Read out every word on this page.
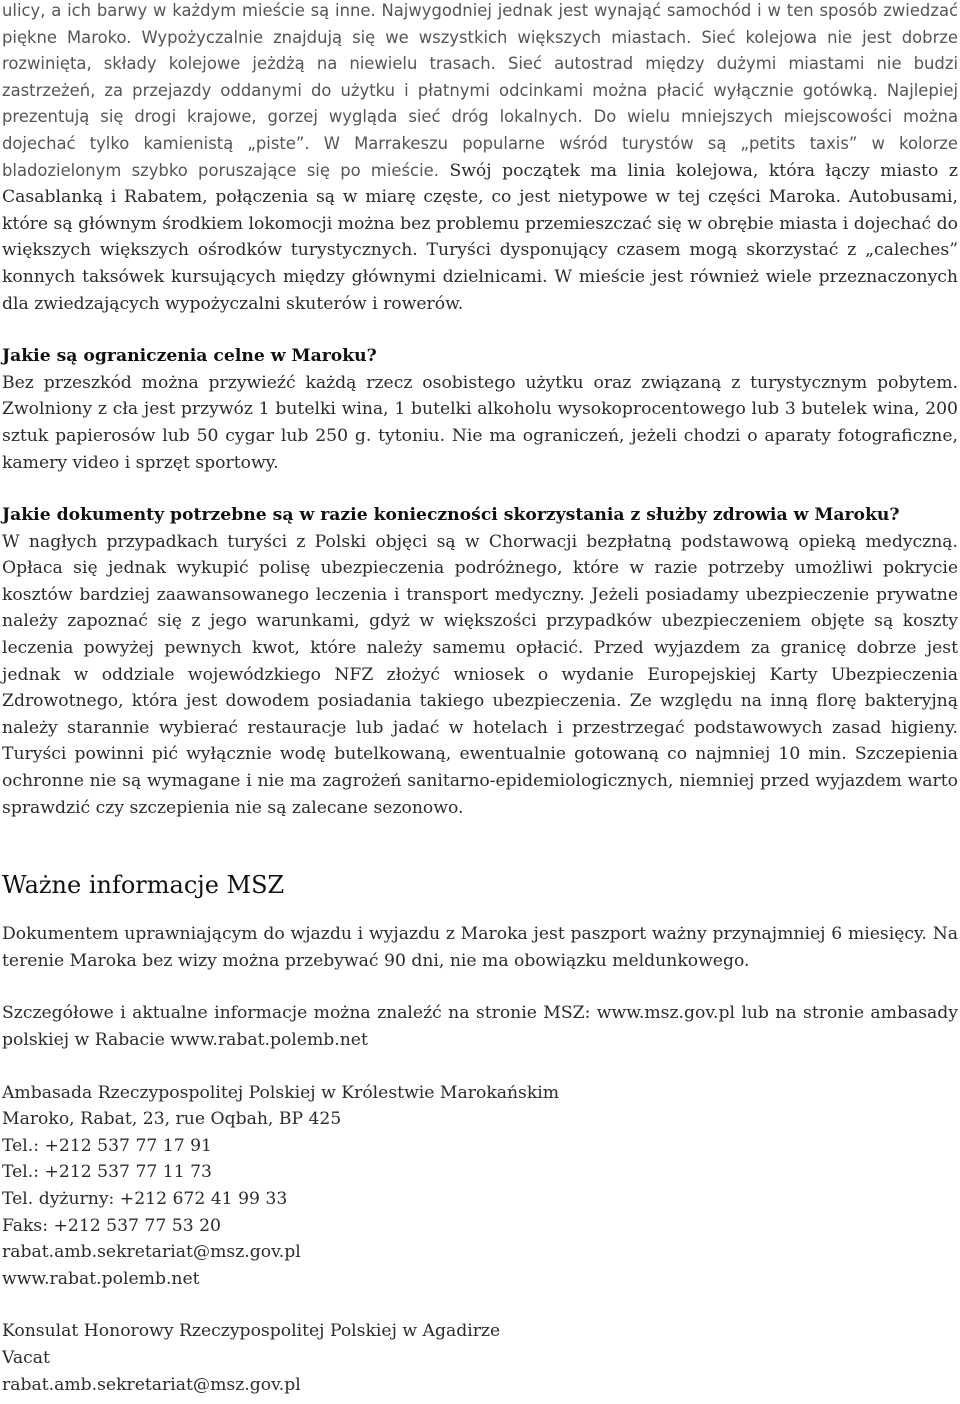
ulicy, a ich barwy w każdym mieście są inne. Najwygodniej jednak jest wynająć samochód i w ten sposób zwiedzać piękne Maroko. Wypożyczalnie znajdują się we wszystkich większych miastach. Sieć kolejowa nie jest dobrze rozwinięta, składy kolejowe jeżdżą na niewielu trasach. Sieć autostrad między dużymi miastami nie budzi zastrzeżeń, za przejazdy oddanymi do użytku i płatnymi odcinkami można płacić wyłącznie gotówką. Najlepiej prezentują się drogi krajowe, gorzej wygląda sieć dróg lokalnych. Do wielu mniejszych miejscowości można dojechać tylko kamienistą „piste”. W Marrakeszu popularne wśród turystów są „petits taxis” w kolorze bladozielonym szybko poruszające się po mieście. Swój początek ma linia kolejowa, która łączy miasto z Casablanką i Rabatem, połączenia są w miarę częste, co jest nietypowe w tej części Maroka. Autobusami, które są głównym środkiem lokomocji można bez problemu przemieszczać się w obrębie miasta i dojechać do większych większych ośrodków turystycznych. Turyści dysponujący czasem mogą skorzystać z „caleches” konnych taksówek kursujących między głównymi dzielnicami. W mieście jest również wiele przeznaczonych dla zwiedzających wypożyczalni skuterów i rowerów.

Jakie są ograniczenia celne w Maroku?

Bez przeszkód można przywieźć każdą rzecz osobistego użytku oraz związaną z turystycznym pobytem. Zwolniony z cła jest przywóz 1 butelki wina, 1 butelki alkoholu wysokoprocentowego lub 3 butelek wina, 200 sztuk papierosów lub 50 cygar lub 250 g. tytoniu. Nie ma ograniczeń, jeżeli chodzi o aparaty fotograficzne, kamery video i sprzęt sportowy.

Jakie dokumenty potrzebne są w razie konieczności skorzystania z służby zdrowia w Maroku?

W nagłych przypadkach turyści z Polski objęci są w Chorwacji bezpłatną podstawową opieką medyczną. Opłaca się jednak wykupić polisę ubezpieczenia podróżnego, które w razie potrzeby umożliwi pokrycie kosztów bardziej zaawansowanego leczenia i transport medyczny. Jeżeli posiadamy ubezpieczenie prywatne należy zapoznać się z jego warunkami, gdyż w większości przypadków ubezpieczeniem objęte są koszty leczenia powyżej pewnych kwot, które należy samemu opłacić. Przed wyjazdem za granicę dobrze jest jednak w oddziale wojewódzkiego NFZ złożyć wniosek o wydanie Europejskiej Karty Ubezpieczenia Zdrowotnego, która jest dowodem posiadania takiego ubezpieczenia. Ze względu na inną florę bakteryjną należy starannie wybierać restauracje lub jadać w hotelach i przestrzegać podstawowych zasad higieny. Turyści powinni pić wyłącznie wodę butelkowaną, ewentualnie gotowaną co najmniej 10 min. Szczepienia ochronne nie są wymagane i nie ma zagrożeń sanitarno-epidemiologicznych, niemniej przed wyjazdem warto sprawdzić czy szczepienia nie są zalecane sezonowo.

Ważne informacje MSZ

Dokumentem uprawniającym do wjazdu i wyjazdu z Maroka jest paszport ważny przynajmniej 6 miesięcy. Na terenie Maroka bez wizy można przebywać 90 dni, nie ma obowiązku meldunkowego.

Szczegółowe i aktualne informacje można znaleźć na stronie MSZ: www.msz.gov.pl lub na stronie ambasady polskiej w Rabacie www.rabat.polemb.net

Ambasada Rzeczypospolitej Polskiej w Królestwie Marokańskim
Maroko, Rabat, 23, rue Oqbah, BP 425
Tel.: +212 537 77 17 91
Tel.: +212 537 77 11 73
Tel. dyżurny: +212 672 41 99 33
Faks: +212 537 77 53 20
rabat.amb.sekretariat@msz.gov.pl
www.rabat.polemb.net
Konsulat Honorowy Rzeczypospolitej Polskiej w Agadirze
Vacat
rabat.amb.sekretariat@msz.gov.pl
